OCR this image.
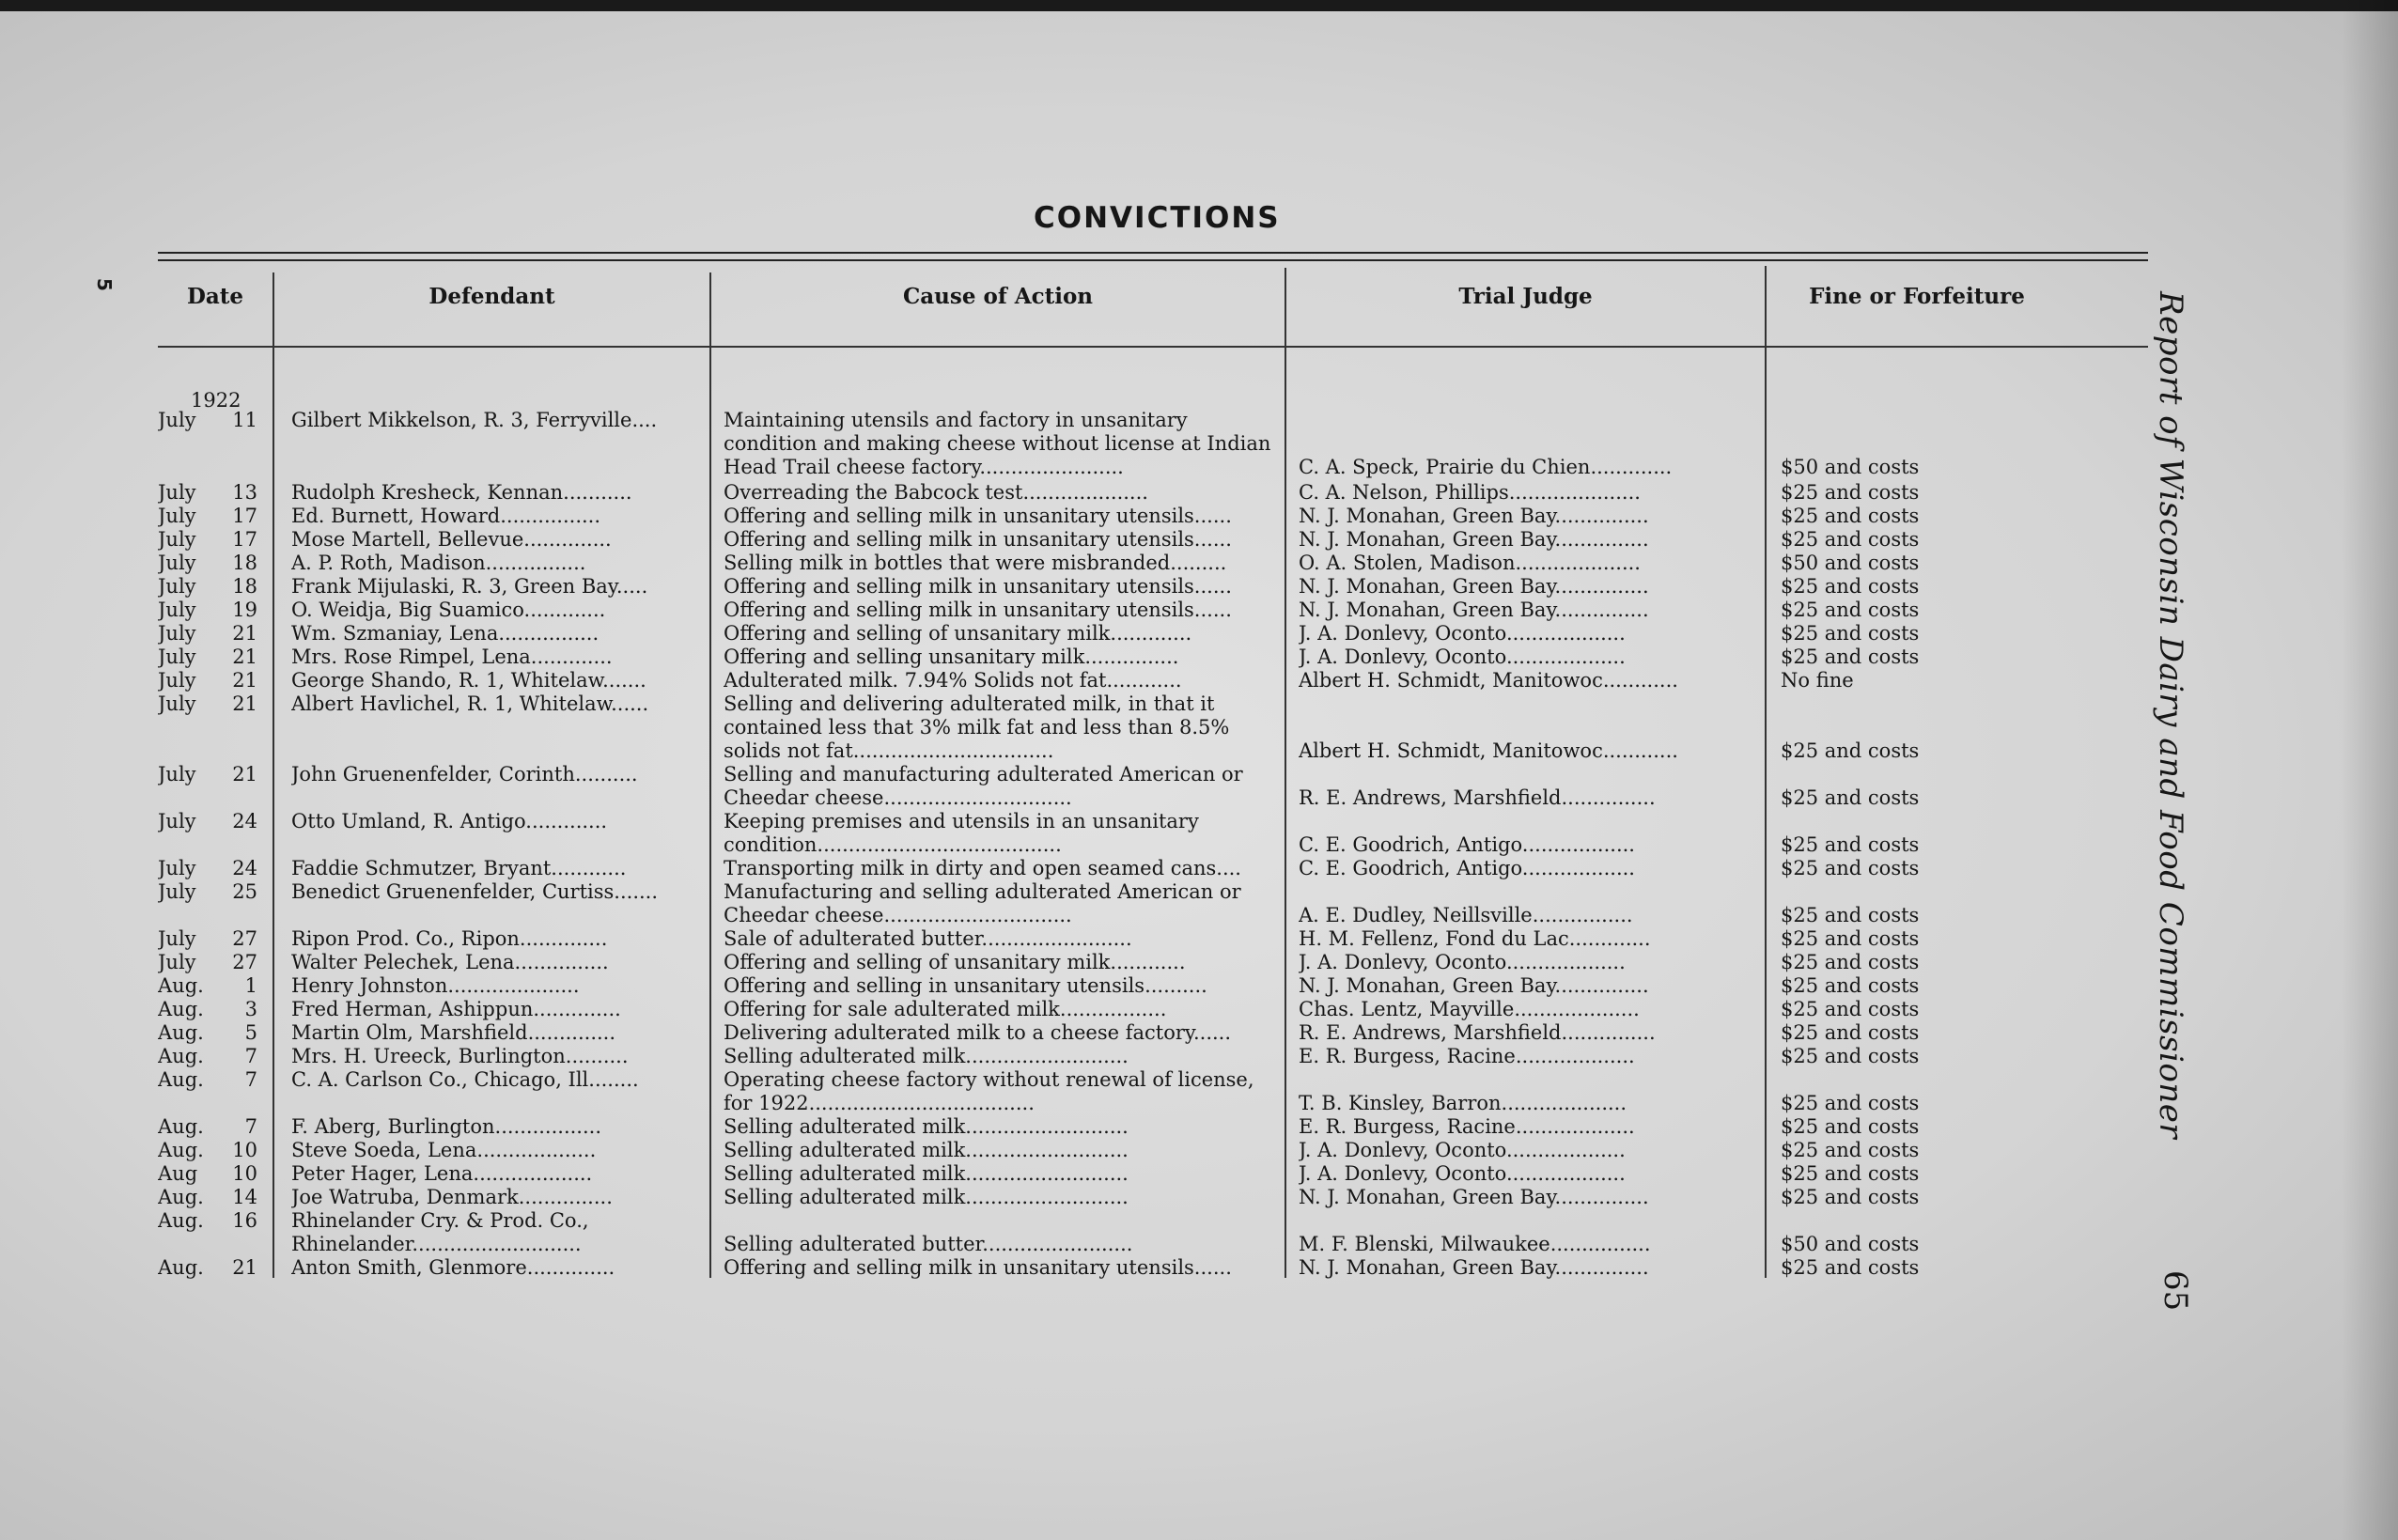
CONVICTIONS
5	Date	Defendant	Cause of Action	Trial Judge	Fine or Forfeiture
1922
July	11 Gilbert Mikkelson, R. 3, Ferryville....	Maintaining utensils and factory in unsanitary condition and making cheese without license at Indian Head Trail cheese factory.......................	C. A. Speck, Prairie du Chien.............	$50 and costs
July	13 Rudolph Kresheck, Kennan...........	Overreading the Babcock test....................	C. A. Nelson, Phillips.....................	$25 and costs
July	17 Ed. Burnett, Howard................	Offering and selling milk in unsanitary utensils......	N. J. Monahan, Green Bay...............	$25 and costs
July	17 Mose Martell, Bellevue..............	Offering and selling milk in unsanitary utensils......	N. J. Monahan, Green Bay...............	$25 and costs
July	18 A. P. Roth, Madison................	Selling milk in bottles that were misbranded.........	O. A. Stolen, Madison....................	$50 and costs
July	18 Frank Mijulaski, R. 3, Green Bay.....	Offering and selling milk in unsanitary utensils......	N. J. Monahan, Green Bay...............	$25 and costs
July	19 O. Weidja, Big Suamico.............	Offering and selling milk in unsanitary utensils......	N. J. Monahan, Green Bay...............	$25 and costs
July	21 Wm. Szmaniay, Lena................	Offering and selling of unsanitary milk.............	J. A. Donlevy, Oconto...................	$25 and costs
July	21 Mrs. Rose Rimpel, Lena.............	Offering and selling unsanitary milk...............	J. A. Donlevy, Oconto...................	$25 and costs
July	21 George Shando, R. 1, Whitelaw.......	Adulterated milk. 7.94% Solids not fat............	Albert H. Schmidt, Manitowoc............	No fine
July	21 Albert Havlichel, R. 1, Whitelaw......	Selling and delivering adulterated milk, in that it contained less that 3% milk fat and less than 8.5% solids not fat................................	Albert H. Schmidt, Manitowoc............	$25 and costs
July	21 John Gruenenfelder, Corinth..........	Selling and manufacturing adulterated American or Cheedar cheese..............................	R. E. Andrews, Marshfield...............	$25 and costs
July	24 Otto Umland, R. Antigo.............	Keeping premises and utensils in an unsanitary condition.......................................	C. E. Goodrich, Antigo..................	$25 and costs
July	24 Faddie Schmutzer, Bryant............	Transporting milk in dirty and open seamed cans....	C. E. Goodrich, Antigo..................	$25 and costs
July	25 Benedict Gruenenfelder, Curtiss.......	Manufacturing and selling adulterated American or Cheedar cheese..............................	A. E. Dudley, Neillsville................	$25 and costs
July	27 Ripon Prod. Co., Ripon..............	Sale of adulterated butter........................	H. M. Fellenz, Fond du Lac.............	$25 and costs
July	27 Walter Pelechek, Lena...............	Offering and selling of unsanitary milk............	J. A. Donlevy, Oconto...................	$25 and costs
Aug.	1 Henry Johnston.....................	Offering and selling in unsanitary utensils..........	N. J. Monahan, Green Bay...............	$25 and costs
Aug.	3 Fred Herman, Ashippun..............	Offering for sale adulterated milk.................	Chas. Lentz, Mayville....................	$25 and costs
Aug.	5 Martin Olm, Marshfield..............	Delivering adulterated milk to a cheese factory......	R. E. Andrews, Marshfield...............	$25 and costs
Aug.	7 Mrs. H. Ureeck, Burlington..........	Selling adulterated milk..........................	E. R. Burgess, Racine...................	$25 and costs
Aug.	7 C. A. Carlson Co., Chicago, Ill........	Operating cheese factory without renewal of license, for 1922....................................	T. B. Kinsley, Barron....................	$25 and costs
Aug.	7 F. Aberg, Burlington.................	Selling adulterated milk..........................	E. R. Burgess, Racine...................	$25 and costs
Aug.	10 Steve Soeda, Lena...................	Selling adulterated milk..........................	J. A. Donlevy, Oconto...................	$25 and costs
Aug	10 Peter Hager, Lena...................	Selling adulterated milk..........................	J. A. Donlevy, Oconto...................	$25 and costs
Aug.	14 Joe Watruba, Denmark...............	Selling adulterated milk..........................	N. J. Monahan, Green Bay...............	$25 and costs
Aug.	16 Rhinelander Cry. & Prod. Co., Rhinelander...........................	Selling adulterated butter........................	M. F. Blenski, Milwaukee................	$50 and costs
Aug.	21 Anton Smith, Glenmore..............	Offering and selling milk in unsanitary utensils......	N. J. Monahan, Green Bay...............	$25 and costs
Report of Wisconsin Dairy and Food Commissioner
65
